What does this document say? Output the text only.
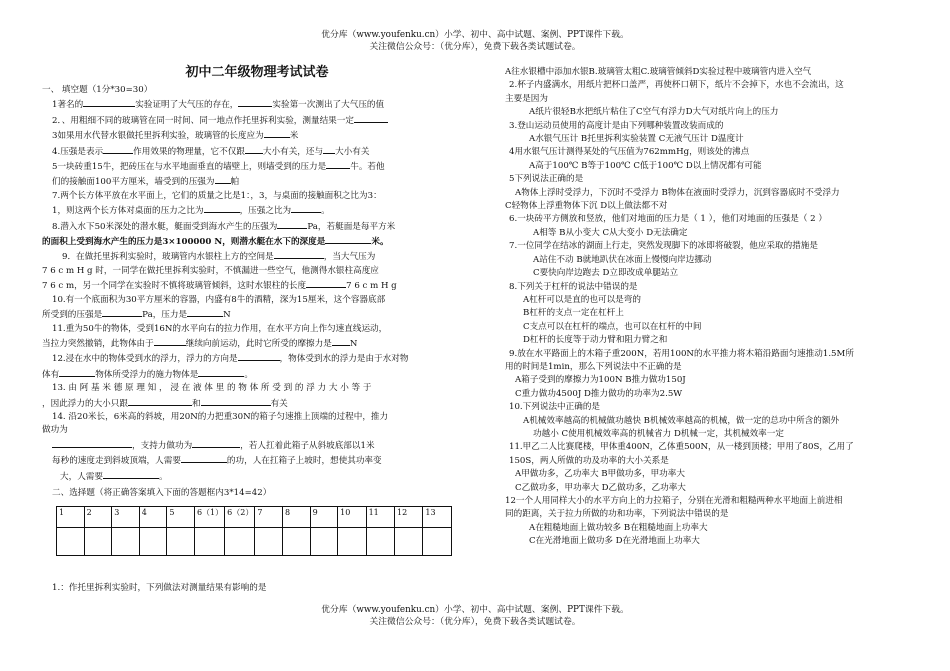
优分库（www.youfenku.cn）小学、初中、高中试题、案例、PPT课件下载。
关注微信公众号：（优分库），免费下载各类试题试卷。
初中二年级物理考试试卷
一、 填空题（1分*30=30）
1著名的	实验证明了大气压的存在，	实验第一次测出了大气压的值
2．、用粗细不同的玻璃管在同一时间、同一地点作托里拆利实验，测量结果一定
3如果用水代替水银做托里拆利实验，玻璃管的长度应为	米
4.压强是表示	作用效果的物理量，它不仅跟 大小有关，还与 大小有关
5一块砖重15牛，把砖压在与水平地面垂直的墙壁上，则墙受到的压力是	牛。若他
们的接触面100平方厘米，墙受到的压强为 帕
7.两个长方体平放在水平面上，它们的质量之比是1：，3，与桌面的接触面积之比为3：
1，则这两个长方体对桌面的压力之比为	，压强之比为	。
8.潜入水下50米深处的潜水艇，艇面受到海水产生的压强为	Pa，若艇面是每平方米
的面积上受到海水产生的压力是3×100000 N，则潜水艇在水下的深度是	米。
9．在做托里拆利实验时，玻璃管内水银柱上方的空间是	，当大气压为
7 6 c m H g 时，一同学在做托里拆利实验时，不慎漏进一些空气，他测得水银柱高度应
7 6 c m，另一个同学在实验时不慎将玻璃管倾斜，这时水银柱的长度	7 6 c m H g
10.有一个底面积为30平方厘米的容器，内盛有8牛的酒精，深为15厘米，这个容器底部
所受到的压强是	Pa，压力是	N
11.重为50牛的物体，受到16N的水平向右的拉力作用，在水平方向上作匀速直线运动，
当拉力突然撤销，此物体由于	继续向前运动，此时它所受的摩擦力是 N
12.浸在水中的物体受到水的浮力，浮力的方向是	，物体受到水的浮力是由于水对物
体有	物体所受浮力的施力物体是	。
13. 由 阿 基 米 德 原 理 知 ， 浸 在 液 体 里 的 物 体 所 受 到 的 浮 力 大 小 等 于
，因此浮力的大小只跟	和	有关
14. 沿20米长，6米高的斜坡，用20N的力把重30N的箱子匀速推上顶端的过程中，推力
做功为
，支持力做功为	，若人扛着此箱子从斜坡底部以1米
每秒的速度走到斜坡顶端，人需要	的功，人在扛箱子上坡时，想使其功率变
大，人需要	。
二、选择题（将正确答案填入下面的答题框内3*14=42）
1	2	3	4	5	6（1）	6（2）	7	8	9	10	11	12	13

1.：作托里拆利实验时，下列做法对测量结果有影响的是
A往水银槽中添加水银B.玻璃管太粗C.玻璃管倾斜D实验过程中玻璃管内进入空气
2.杯子内盛满水，用纸片把杯口盖严，再使杯口朝下，纸片不会掉下，水也不会流出，这
主要是因为
A纸片很轻B水把纸片粘住了C空气有浮力D大气对纸片向上的压力
3.登山运动员使用的高度计是由下列哪种装置改装而成的
A水银气压计 B托里拆利实验装置 C无液气压计 D温度计
4用水银气压计测得某处的气压值为762mmHg，则该处的沸点
A高于100℃ B等于100℃ C低于100℃ D以上情况都有可能
5下列说法正确的是
A物体上浮时受浮力，下沉时不受浮力 B物体在液面时受浮力，沉到容器底时不受浮力
C轻物体上浮重物体下沉 D以上做法都不对
6.一块砖平方侧放和竖放，他们对地面的压力是（ 1 ），他们对地面的压强是（ 2 ）
A相等 B从小变大 C从大变小 D无法确定
7.一位同学在结冰的湖面上行走，突然发现脚下的冰即将破裂，他应采取的措施是
A站住不动 B就地趴伏在冰面上慢慢向岸边挪动
C要快向岸边跑去 D立即改成单腿站立
8.下列关于杠杆的说法中错误的是
A杠杆可以是直的也可以是弯的
B杠杆的支点一定在杠杆上
C支点可以在杠杆的端点，也可以在杠杆的中间
D杠杆的长度等于动力臂和阻力臂之和
9.放在水平路面上的木箱子重200N，若用100N的水平推力将木箱沿路面匀速推动1.5M所
用的时间是1min，那么下列说法中不正确的是
A箱子受到的摩擦力为100N B推力做功150J
C重力做功4500J D推力做功的功率为2.5W
10.下列说法中正确的是
A机械效率越高的机械做功越快 B机械效率越高的机械，做一定的总功中所含的额外
功越小 C使用机械效率高的机械省力 D机械一定，其机械效率一定
11.甲乙二人比赛爬楼，甲体重400N，乙体重500N，从一楼到顶楼；甲用了80S，乙用了
150S，两人所做的功及功率的大小关系是
A甲做功多，乙功率大 B甲做功多，甲功率大
C乙做功多，甲功率大 D乙做功多，乙功率大
12一个人用同样大小的水平方向上的力拉箱子，分别在光滑和粗糙两种水平地面上前进相
同的距离，关于拉力所做的功和功率，下列说法中错误的是
A在粗糙地面上做功较多 B在粗糙地面上功率大
C在光滑地面上做功多 D在光滑地面上功率大
优分库（www.youfenku.cn）小学、初中、高中试题、案例、PPT课件下载。
关注微信公众号：（优分库），免费下载各类试题试卷。
